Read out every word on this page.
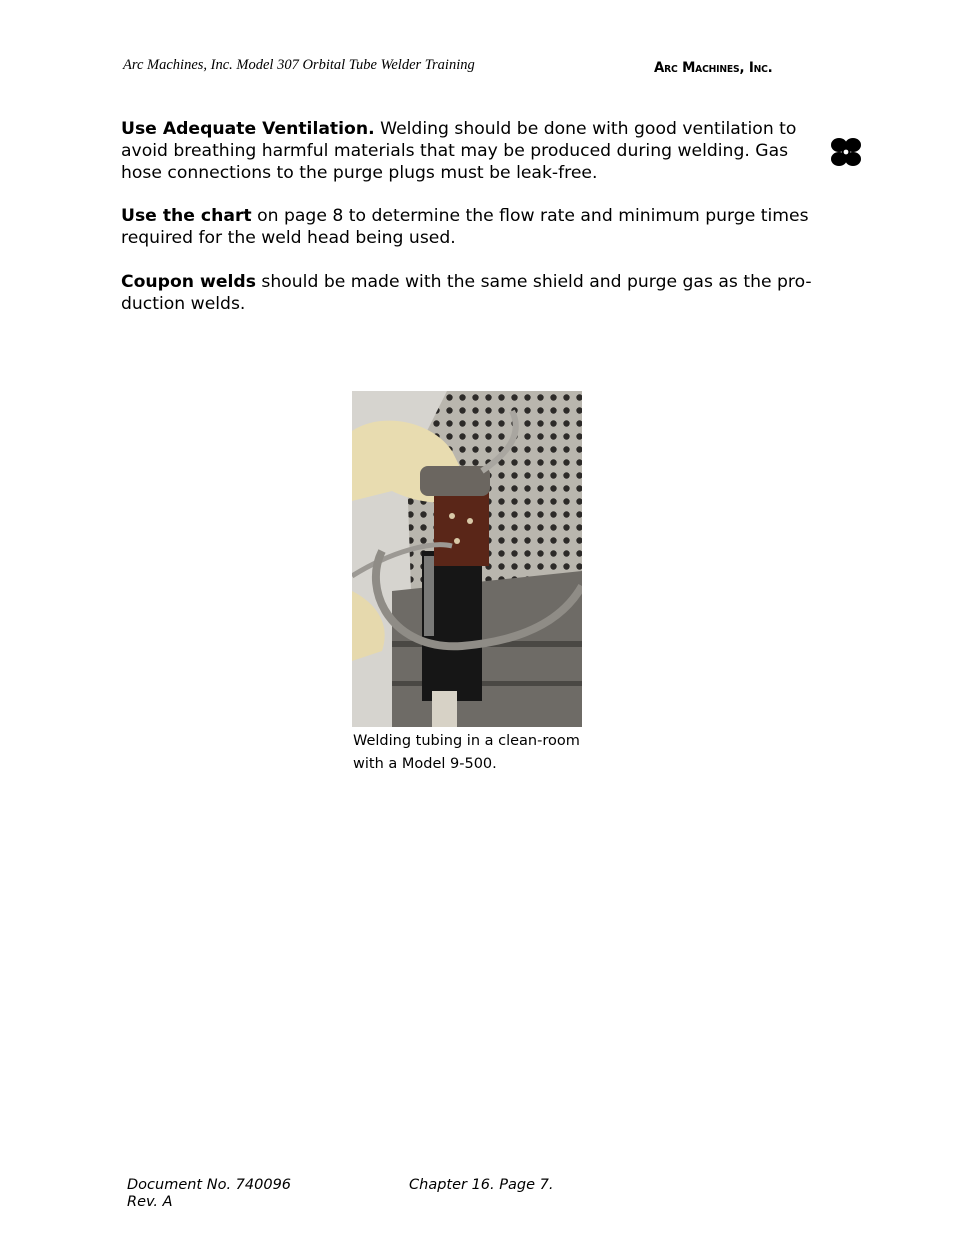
Arc Machines, Inc. Model 307 Orbital Tube Welder Training	Arc Machines, Inc.

Use Adequate Ventilation. Welding should be done with good ventilation to avoid breathing harmful materials that may be produced during welding. Gas hose connections to the purge plugs must be leak-free.

Use the chart on page 8 to determine the flow rate and minimum purge times required for the weld head being used.

Coupon welds should be made with the same shield and purge gas as the pro-duction welds.

Welding tubing in a clean-room with a Model 9-500.
Document No. 740096
Rev. A
Chapter 16. Page 7.
